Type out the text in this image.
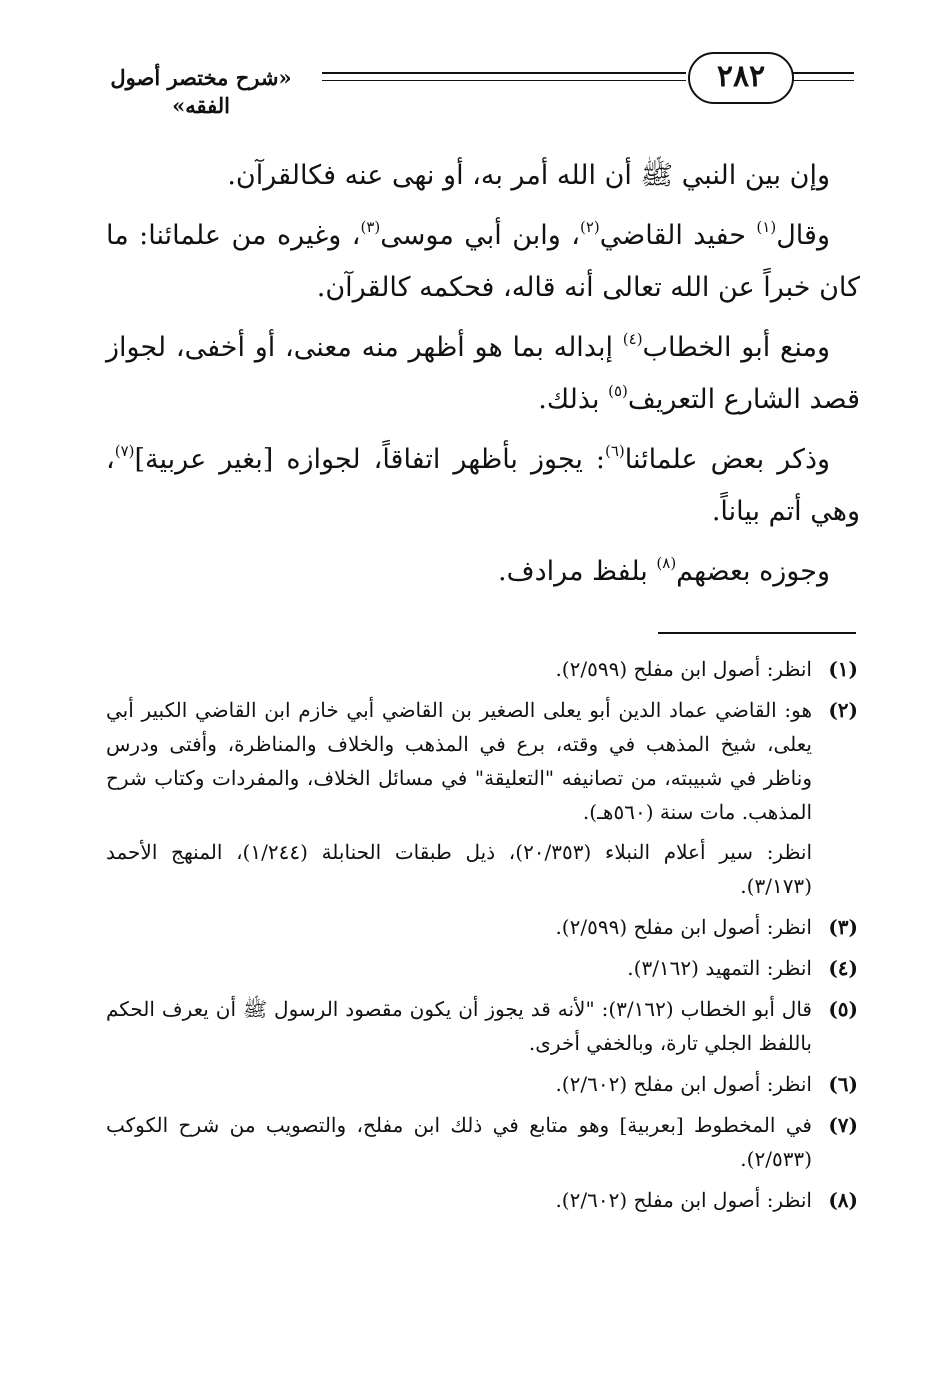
٢٨٢
«شرح مختصر أصول الفقه»

وإن بين النبي ﷺ أن الله أمر به، أو نهى عنه فكالقرآن.

وقال( $^١$ ) حفيد القاضي( $^٢$ )، وابن أبي موسى( $^٣$ )، وغيره من علمائنا: ما كان خبراً عن الله تعالى أنه قاله، فحكمه كالقرآن.

ومنع أبو الخطاب( $^٤$ ) إبداله بما هو أظهر منه معنى، أو أخفى، لجواز قصد الشارع التعريف( $^٥$ ) بذلك.

وذكر بعض علمائنا( $^٦$ ): يجوز بأظهر اتفاقاً، لجوازه [بغير عربية]( $^٧$ )، وهي أتم بياناً.

وجوزه بعضهم( $^٨$ ) بلفظ مرادف.

( ١ )

انظر: أصول ابن مفلح (٢/٥٩٩).

( ٢ )

هو: القاضي عماد الدين أبو يعلى الصغير بن القاضي أبي خازم ابن القاضي الكبير أبي يعلى، شيخ المذهب في وقته، برع في المذهب والخلاف والمناظرة، وأفتى ودرس وناظر في شبيبته، من تصانيفه "التعليقة" في مسائل الخلاف، والمفردات وكتاب شرح المذهب. مات سنة (٥٦٠هـ).

انظر: سير أعلام النبلاء (٢٠/٣٥٣)، ذيل طبقات الحنابلة (١/٢٤٤)، المنهج الأحمد (٣/١٧٣).

( ٣ )

انظر: أصول ابن مفلح (٢/٥٩٩).

( ٤ )

انظر: التمهيد (٣/١٦٢).

( ٥ )

قال أبو الخطاب (٣/١٦٢): "لأنه قد يجوز أن يكون مقصود الرسول ﷺ أن يعرف الحكم باللفظ الجلي تارة، وبالخفي أخرى.

( ٦ )

انظر: أصول ابن مفلح (٢/٦٠٢).

( ٧ )

في المخطوط [بعربية] وهو متابع في ذلك ابن مفلح، والتصويب من شرح الكوكب (٢/٥٣٣).

( ٨ )

انظر: أصول ابن مفلح (٢/٦٠٢).
